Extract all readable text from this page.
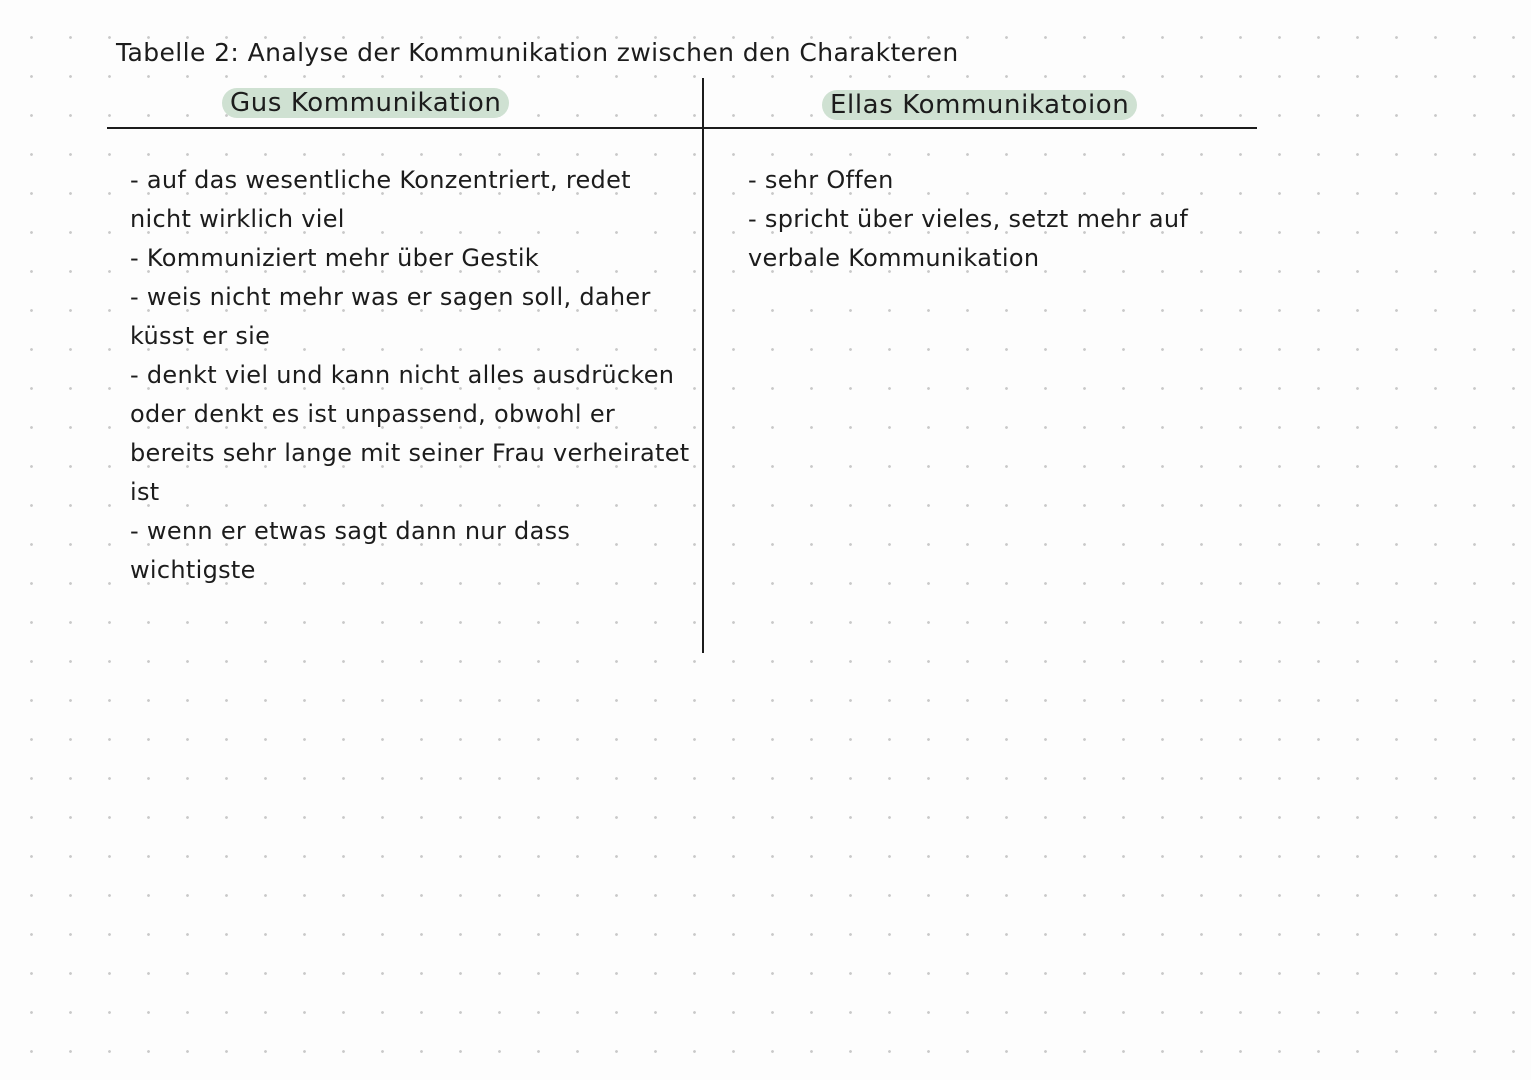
Tabelle 2: Analyse der Kommunikation zwischen den Charakteren
Gus Kommunikation	Ellas Kommunikatoion
- auf das wesentliche Konzentriert, redet nicht wirklich viel
- Kommuniziert mehr über Gestik
- weis nicht mehr was er sagen soll, daher küsst er sie
- denkt viel und kann nicht alles ausdrücken oder denkt es ist unpassend, obwohl er bereits sehr lange mit seiner Frau verheiratet ist
- wenn er etwas sagt dann nur dass wichtigste
- sehr Offen
- spricht über vieles, setzt mehr auf verbale Kommunikation
